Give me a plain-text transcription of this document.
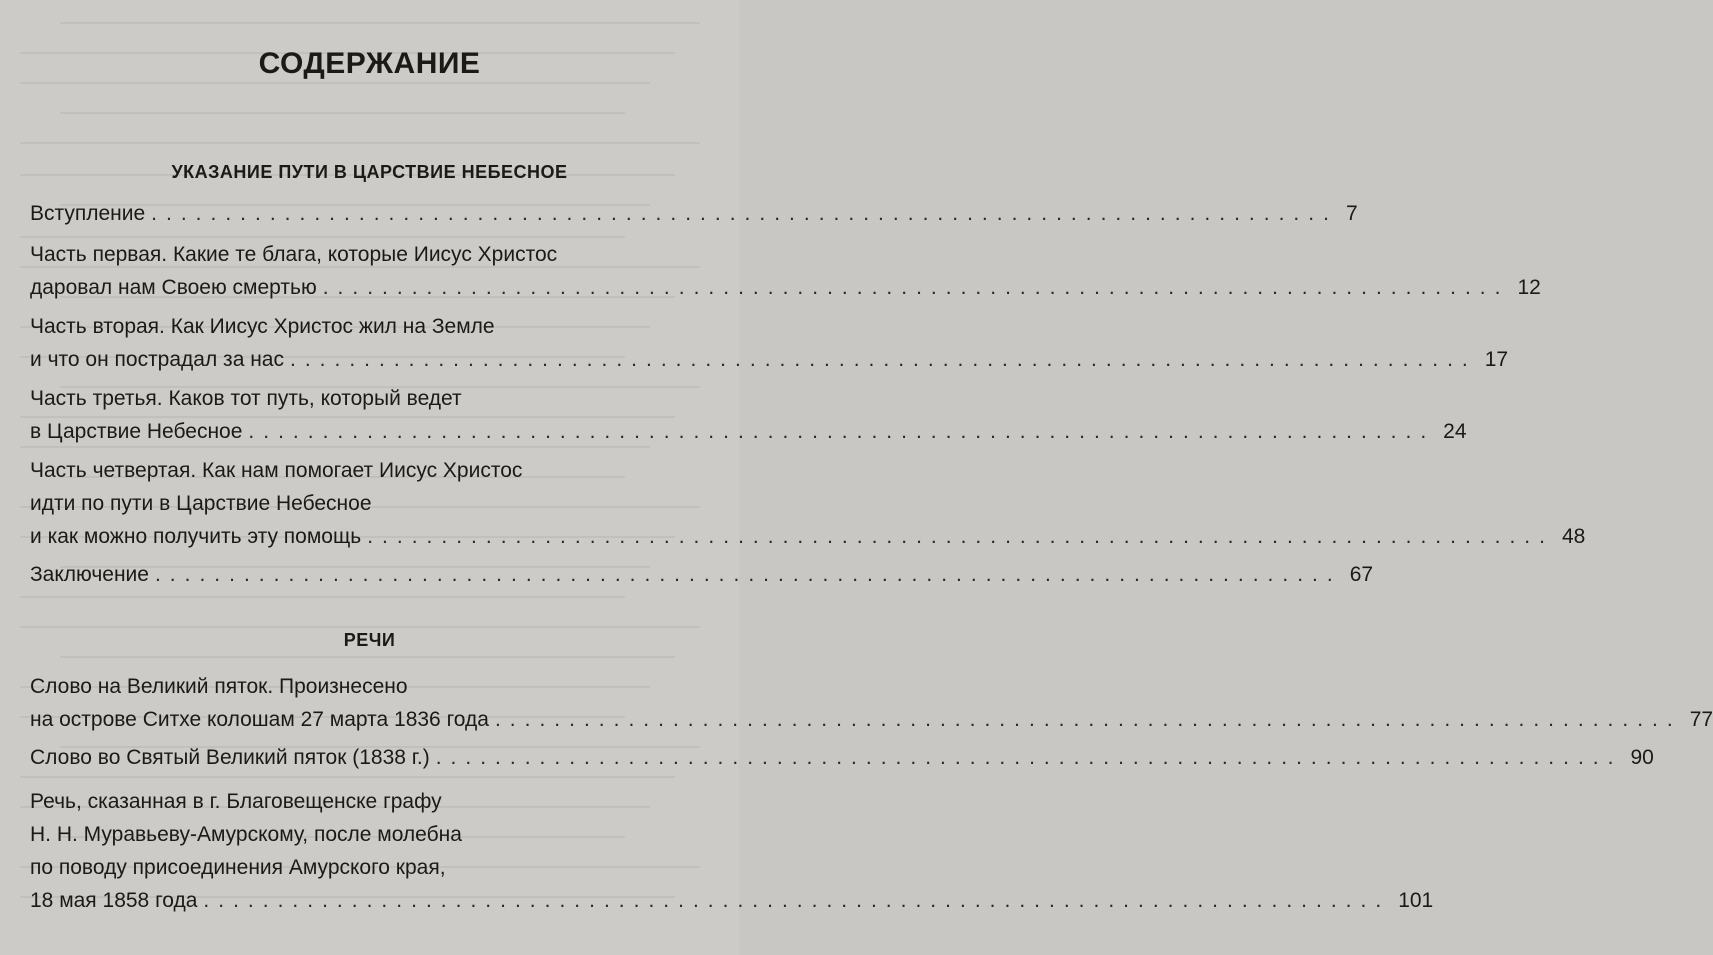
СОДЕРЖАНИЕ
УКАЗАНИЕ ПУТИ В ЦАРСТВИЕ НЕБЕСНОЕ
Вступление ................................................................................ 7
Часть первая. Какие те блага, которые Иисус Христос
даровал нам Своею смертью ................................................................................ 12
Часть вторая. Как Иисус Христос жил на Земле
и что он пострадал за нас ................................................................................ 17
Часть третья. Каков тот путь, который ведет
в Царствие Небесное ................................................................................ 24
Часть четвертая. Как нам помогает Иисус Христос
идти по пути в Царствие Небесное
и как можно получить эту помощь ................................................................................ 48
Заключение ................................................................................ 67
РЕЧИ
Слово на Великий пяток. Произнесено
на острове Ситхе колошам 27 марта 1836 года ................................................................................ 77
Слово во Святый Великий пяток (1838 г.) ................................................................................ 90
Речь, сказанная в г. Благовещенске графу
Н. Н. Муравьеву-Амурскому, после молебна
по поводу присоединения Амурского края,
18 мая 1858 года ................................................................................ 101
